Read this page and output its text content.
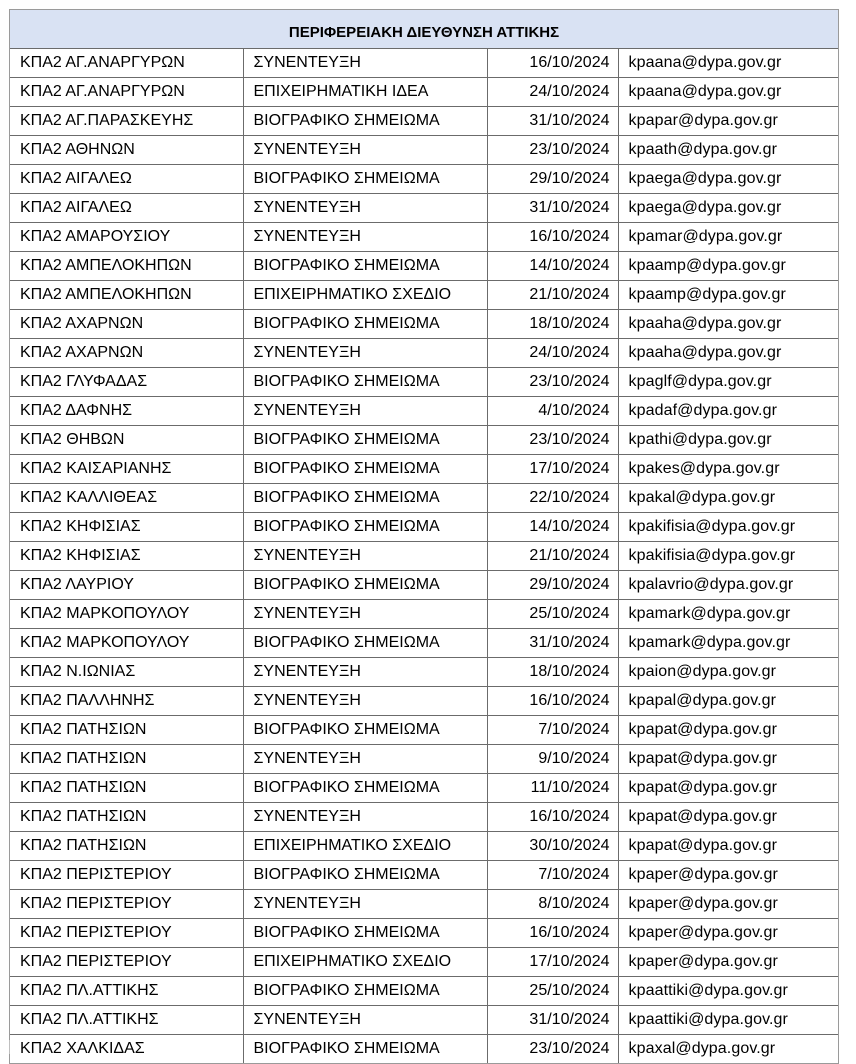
ΠΕΡΙΦΕΡΕΙΑΚΗ ΔΙΕΥΘΥΝΣΗ ΑΤΤΙΚΗΣ			
ΚΠΑ2 ΑΓ.ΑΝΑΡΓΥΡΩΝ	ΣΥΝΕΝΤΕΥΞΗ	16/10/2024	kpaana@dypa.gov.gr
ΚΠΑ2 ΑΓ.ΑΝΑΡΓΥΡΩΝ	ΕΠΙΧΕΙΡΗΜΑΤΙΚΗ ΙΔΕΑ	24/10/2024	kpaana@dypa.gov.gr
ΚΠΑ2 ΑΓ.ΠΑΡΑΣΚΕΥΗΣ	ΒΙΟΓΡΑΦΙΚΟ ΣΗΜΕΙΩΜΑ	31/10/2024	kpapar@dypa.gov.gr
ΚΠΑ2 ΑΘΗΝΩΝ	ΣΥΝΕΝΤΕΥΞΗ	23/10/2024	kpaath@dypa.gov.gr
ΚΠΑ2 ΑΙΓΑΛΕΩ	ΒΙΟΓΡΑΦΙΚΟ ΣΗΜΕΙΩΜΑ	29/10/2024	kpaega@dypa.gov.gr
ΚΠΑ2 ΑΙΓΑΛΕΩ	ΣΥΝΕΝΤΕΥΞΗ	31/10/2024	kpaega@dypa.gov.gr
ΚΠΑ2 ΑΜΑΡΟΥΣΙΟΥ	ΣΥΝΕΝΤΕΥΞΗ	16/10/2024	kpamar@dypa.gov.gr
ΚΠΑ2 ΑΜΠΕΛΟΚΗΠΩΝ	ΒΙΟΓΡΑΦΙΚΟ ΣΗΜΕΙΩΜΑ	14/10/2024	kpaamp@dypa.gov.gr
ΚΠΑ2 ΑΜΠΕΛΟΚΗΠΩΝ	ΕΠΙΧΕΙΡΗΜΑΤΙΚΟ ΣΧΕΔΙΟ	21/10/2024	kpaamp@dypa.gov.gr
ΚΠΑ2 ΑΧΑΡΝΩΝ	ΒΙΟΓΡΑΦΙΚΟ ΣΗΜΕΙΩΜΑ	18/10/2024	kpaaha@dypa.gov.gr
ΚΠΑ2 ΑΧΑΡΝΩΝ	ΣΥΝΕΝΤΕΥΞΗ	24/10/2024	kpaaha@dypa.gov.gr
ΚΠΑ2 ΓΛΥΦΑΔΑΣ	ΒΙΟΓΡΑΦΙΚΟ ΣΗΜΕΙΩΜΑ	23/10/2024	kpaglf@dypa.gov.gr
ΚΠΑ2 ΔΑΦΝΗΣ	ΣΥΝΕΝΤΕΥΞΗ	4/10/2024	kpadaf@dypa.gov.gr
ΚΠΑ2 ΘΗΒΩΝ	ΒΙΟΓΡΑΦΙΚΟ ΣΗΜΕΙΩΜΑ	23/10/2024	kpathi@dypa.gov.gr
ΚΠΑ2 ΚΑΙΣΑΡΙΑΝΗΣ	ΒΙΟΓΡΑΦΙΚΟ ΣΗΜΕΙΩΜΑ	17/10/2024	kpakes@dypa.gov.gr
ΚΠΑ2 ΚΑΛΛΙΘΕΑΣ	ΒΙΟΓΡΑΦΙΚΟ ΣΗΜΕΙΩΜΑ	22/10/2024	kpakal@dypa.gov.gr
ΚΠΑ2 ΚΗΦΙΣΙΑΣ	ΒΙΟΓΡΑΦΙΚΟ ΣΗΜΕΙΩΜΑ	14/10/2024	kpakifisia@dypa.gov.gr
ΚΠΑ2 ΚΗΦΙΣΙΑΣ	ΣΥΝΕΝΤΕΥΞΗ	21/10/2024	kpakifisia@dypa.gov.gr
ΚΠΑ2 ΛΑΥΡΙΟΥ	ΒΙΟΓΡΑΦΙΚΟ ΣΗΜΕΙΩΜΑ	29/10/2024	kpalavrio@dypa.gov.gr
ΚΠΑ2 ΜΑΡΚΟΠΟΥΛΟΥ	ΣΥΝΕΝΤΕΥΞΗ	25/10/2024	kpamark@dypa.gov.gr
ΚΠΑ2 ΜΑΡΚΟΠΟΥΛΟΥ	ΒΙΟΓΡΑΦΙΚΟ ΣΗΜΕΙΩΜΑ	31/10/2024	kpamark@dypa.gov.gr
ΚΠΑ2 Ν.ΙΩΝΙΑΣ	ΣΥΝΕΝΤΕΥΞΗ	18/10/2024	kpaion@dypa.gov.gr
ΚΠΑ2 ΠΑΛΛΗΝΗΣ	ΣΥΝΕΝΤΕΥΞΗ	16/10/2024	kpapal@dypa.gov.gr
ΚΠΑ2 ΠΑΤΗΣΙΩΝ	ΒΙΟΓΡΑΦΙΚΟ ΣΗΜΕΙΩΜΑ	7/10/2024	kpapat@dypa.gov.gr
ΚΠΑ2 ΠΑΤΗΣΙΩΝ	ΣΥΝΕΝΤΕΥΞΗ	9/10/2024	kpapat@dypa.gov.gr
ΚΠΑ2 ΠΑΤΗΣΙΩΝ	ΒΙΟΓΡΑΦΙΚΟ ΣΗΜΕΙΩΜΑ	11/10/2024	kpapat@dypa.gov.gr
ΚΠΑ2 ΠΑΤΗΣΙΩΝ	ΣΥΝΕΝΤΕΥΞΗ	16/10/2024	kpapat@dypa.gov.gr
ΚΠΑ2 ΠΑΤΗΣΙΩΝ	ΕΠΙΧΕΙΡΗΜΑΤΙΚΟ ΣΧΕΔΙΟ	30/10/2024	kpapat@dypa.gov.gr
ΚΠΑ2 ΠΕΡΙΣΤΕΡΙΟΥ	ΒΙΟΓΡΑΦΙΚΟ ΣΗΜΕΙΩΜΑ	7/10/2024	kpaper@dypa.gov.gr
ΚΠΑ2 ΠΕΡΙΣΤΕΡΙΟΥ	ΣΥΝΕΝΤΕΥΞΗ	8/10/2024	kpaper@dypa.gov.gr
ΚΠΑ2 ΠΕΡΙΣΤΕΡΙΟΥ	ΒΙΟΓΡΑΦΙΚΟ ΣΗΜΕΙΩΜΑ	16/10/2024	kpaper@dypa.gov.gr
ΚΠΑ2 ΠΕΡΙΣΤΕΡΙΟΥ	ΕΠΙΧΕΙΡΗΜΑΤΙΚΟ ΣΧΕΔΙΟ	17/10/2024	kpaper@dypa.gov.gr
ΚΠΑ2 ΠΛ.ΑΤΤΙΚΗΣ	ΒΙΟΓΡΑΦΙΚΟ ΣΗΜΕΙΩΜΑ	25/10/2024	kpaattiki@dypa.gov.gr
ΚΠΑ2 ΠΛ.ΑΤΤΙΚΗΣ	ΣΥΝΕΝΤΕΥΞΗ	31/10/2024	kpaattiki@dypa.gov.gr
ΚΠΑ2 ΧΑΛΚΙΔΑΣ	ΒΙΟΓΡΑΦΙΚΟ ΣΗΜΕΙΩΜΑ	23/10/2024	kpaxal@dypa.gov.gr
